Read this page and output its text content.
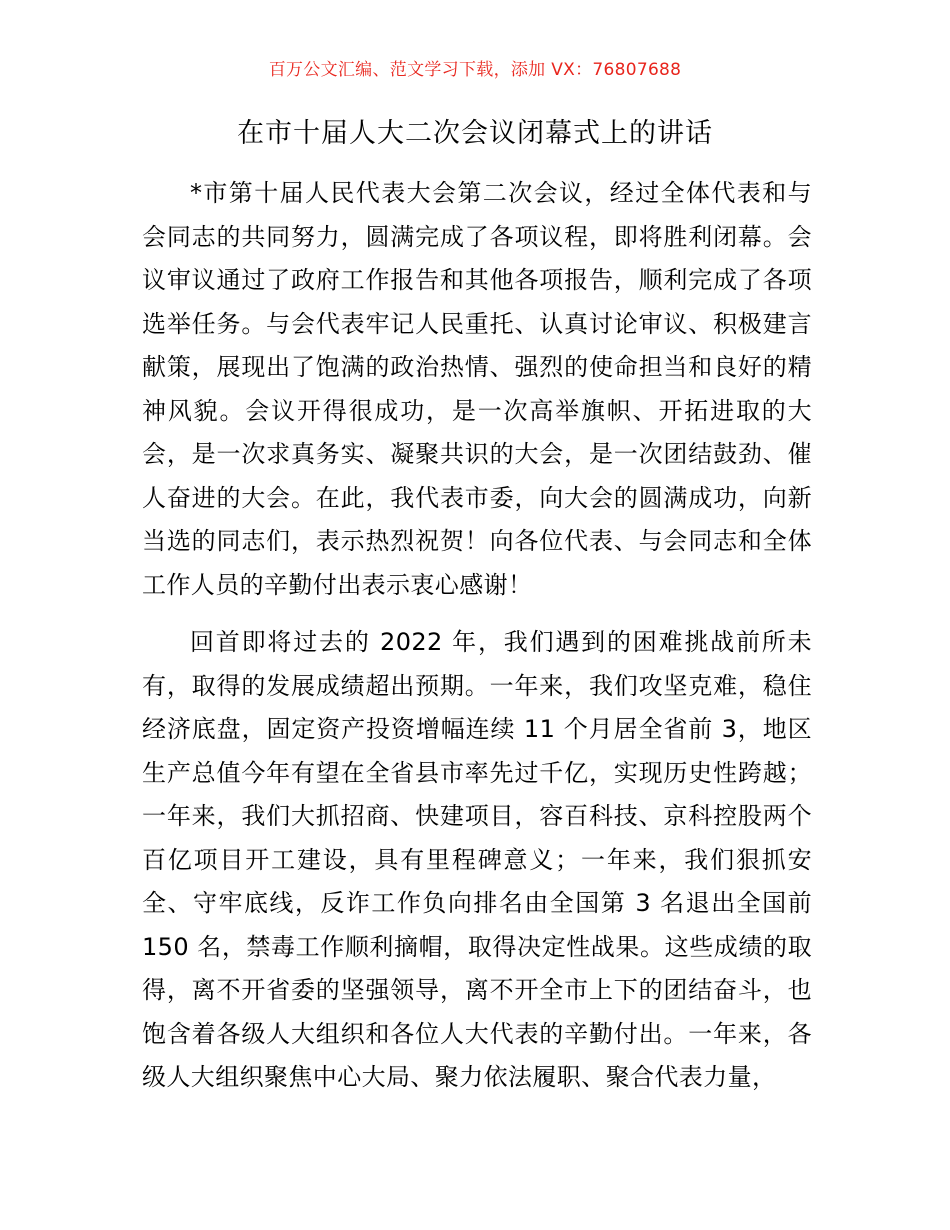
百万公文汇编、范文学习下载，添加 VX：76807688
在市十届人大二次会议闭幕式上的讲话

*市第十届人民代表大会第二次会议，经过全体代表和与会同志的共同努力，圆满完成了各项议程，即将胜利闭幕。会议审议通过了政府工作报告和其他各项报告，顺利完成了各项选举任务。与会代表牢记人民重托、认真讨论审议、积极建言献策，展现出了饱满的政治热情、强烈的使命担当和良好的精神风貌。会议开得很成功，是一次高举旗帜、开拓进取的大会，是一次求真务实、凝聚共识的大会，是一次团结鼓劲、催人奋进的大会。在此，我代表市委，向大会的圆满成功，向新当选的同志们，表示热烈祝贺！向各位代表、与会同志和全体工作人员的辛勤付出表示衷心感谢！

回首即将过去的 2022 年，我们遇到的困难挑战前所未有，取得的发展成绩超出预期。一年来，我们攻坚克难，稳住经济底盘，固定资产投资增幅连续 11 个月居全省前 3，地区生产总值今年有望在全省县市率先过千亿，实现历史性跨越；一年来，我们大抓招商、快建项目，容百科技、京科控股两个百亿项目开工建设，具有里程碑意义；一年来，我们狠抓安全、守牢底线，反诈工作负向排名由全国第 3 名退出全国前 150 名，禁毒工作顺利摘帽，取得决定性战果。这些成绩的取得，离不开省委的坚强领导，离不开全市上下的团结奋斗，也饱含着各级人大组织和各位人大代表的辛勤付出。一年来，各级人大组织聚焦中心大局、聚力依法履职、聚合代表力量，
